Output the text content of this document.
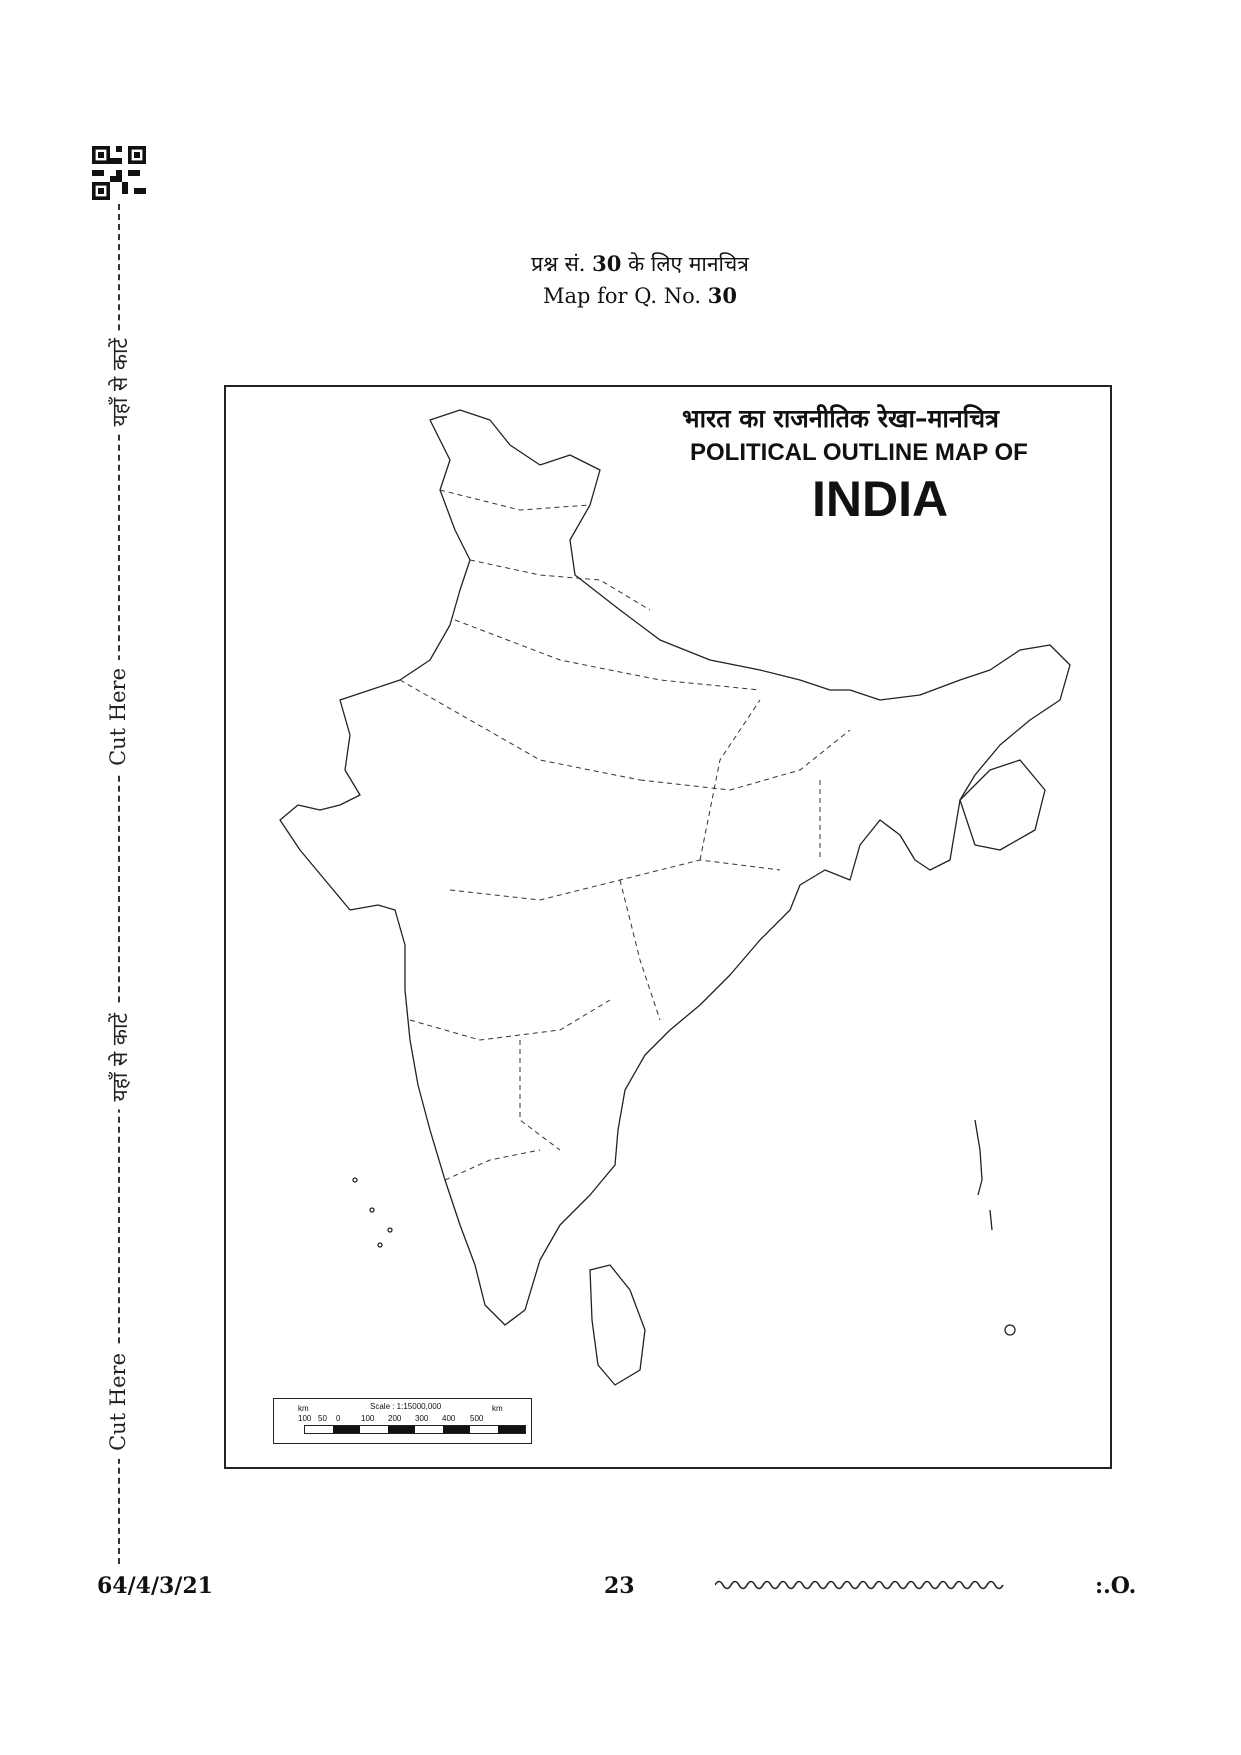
यहाँ से काटें
Cut Here
यहाँ से काटें
Cut Here
प्रश्न सं. 30 के लिए मानचित्र
Map for Q. No. 30
भारत का राजनीतिक रेखा–मानचित्र
POLITICAL OUTLINE MAP OF
INDIA
km	Scale : 1:15000,000	km
100 50 0	100 200 300 400 500
64/4/3/21	23	:.O.
